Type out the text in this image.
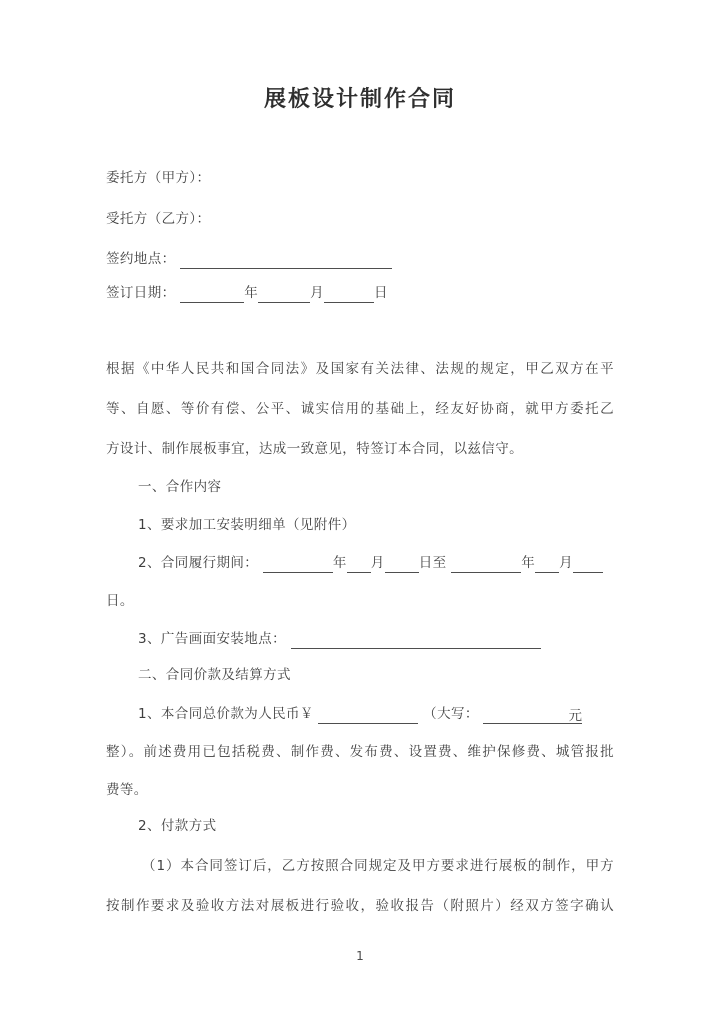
展板设计制作合同
委托方（甲方）：
受托方（乙方）：
签约地点：
签订日期：	年	月	日
根据《中华人民共和国合同法》及国家有关法律、法规的规定，甲乙双方在平
等、自愿、等价有偿、公平、诚实信用的基础上，经友好协商，就甲方委托乙
方设计、制作展板事宜，达成一致意见，特签订本合同，以兹信守。
一、合作内容
1、要求加工安装明细单（见附件）
2、合同履行期间：	年 月	日至	年 月
日。
3、广告画面安装地点：
二、合同价款及结算方式
1、本合同总价款为人民币￥	（大写：	元
整）。前述费用已包括税费、制作费、发布费、设置费、维护保修费、城管报批
费等。
2、付款方式
（1）本合同签订后，乙方按照合同规定及甲方要求进行展板的制作，甲方
按制作要求及验收方法对展板进行验收，验收报告（附照片）经双方签字确认
1
